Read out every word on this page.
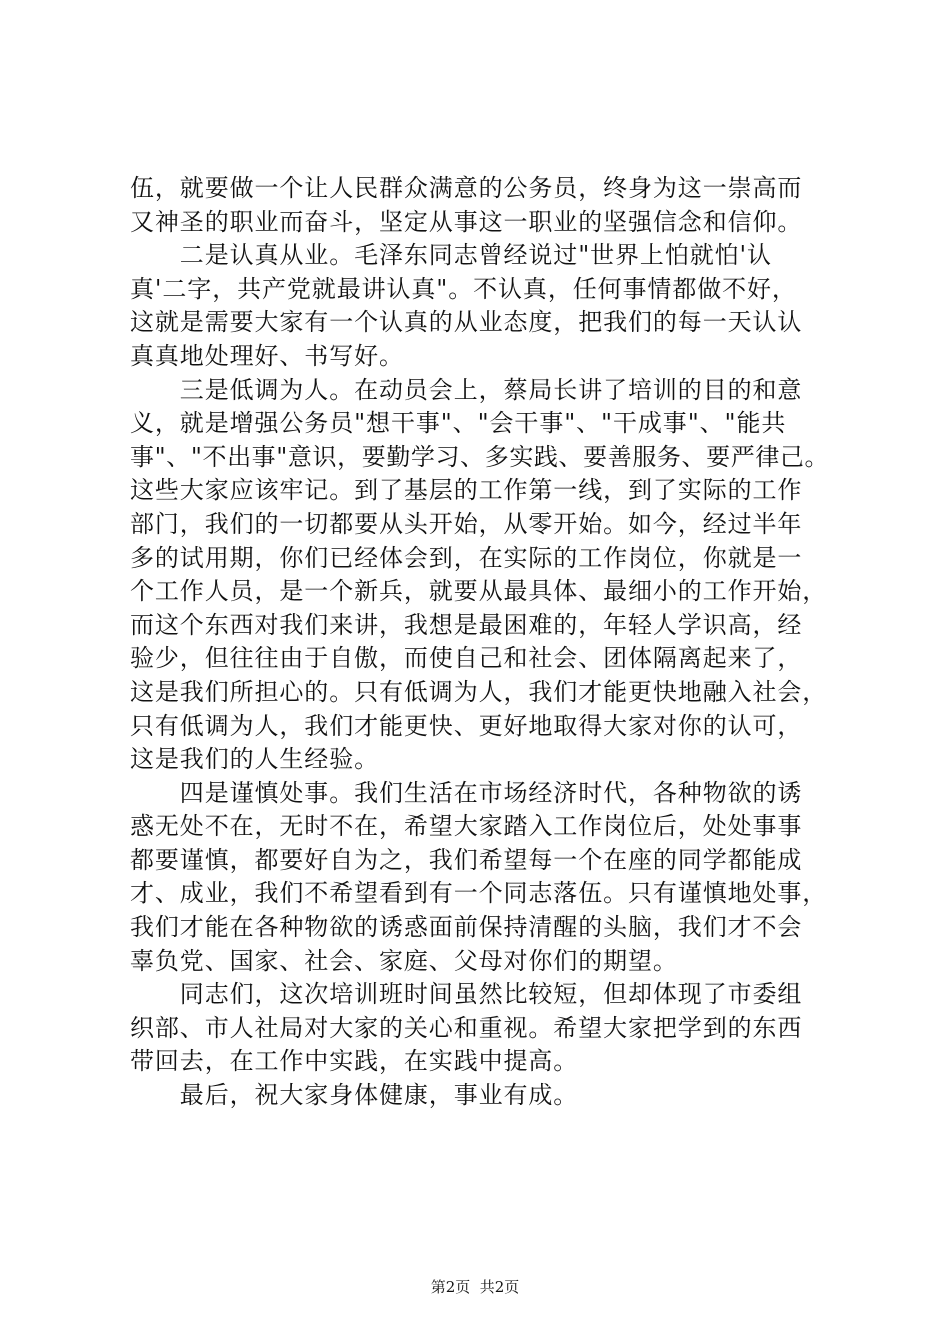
伍，就要做一个让人民群众满意的公务员，终身为这一崇高而
又神圣的职业而奋斗，坚定从事这一职业的坚强信念和信仰。
　　二是认真从业。毛泽东同志曾经说过"世界上怕就怕'认
真'二字，共产党就最讲认真"。不认真，任何事情都做不好，
这就是需要大家有一个认真的从业态度，把我们的每一天认认
真真地处理好、书写好。
　　三是低调为人。在动员会上，蔡局长讲了培训的目的和意
义，就是增强公务员"想干事"、"会干事"、"干成事"、"能共
事"、"不出事"意识，要勤学习、多实践、要善服务、要严律己。
这些大家应该牢记。到了基层的工作第一线，到了实际的工作
部门，我们的一切都要从头开始，从零开始。如今，经过半年
多的试用期，你们已经体会到，在实际的工作岗位，你就是一
个工作人员，是一个新兵，就要从最具体、最细小的工作开始，
而这个东西对我们来讲，我想是最困难的，年轻人学识高，经
验少，但往往由于自傲，而使自己和社会、团体隔离起来了，
这是我们所担心的。只有低调为人，我们才能更快地融入社会，
只有低调为人，我们才能更快、更好地取得大家对你的认可，
这是我们的人生经验。
　　四是谨慎处事。我们生活在市场经济时代，各种物欲的诱
惑无处不在，无时不在，希望大家踏入工作岗位后，处处事事
都要谨慎，都要好自为之，我们希望每一个在座的同学都能成
才、成业，我们不希望看到有一个同志落伍。只有谨慎地处事，
我们才能在各种物欲的诱惑面前保持清醒的头脑，我们才不会
辜负党、国家、社会、家庭、父母对你们的期望。
　　同志们，这次培训班时间虽然比较短，但却体现了市委组
织部、市人社局对大家的关心和重视。希望大家把学到的东西
带回去，在工作中实践，在实践中提高。
　　最后，祝大家身体健康，事业有成。
第2页  共2页
